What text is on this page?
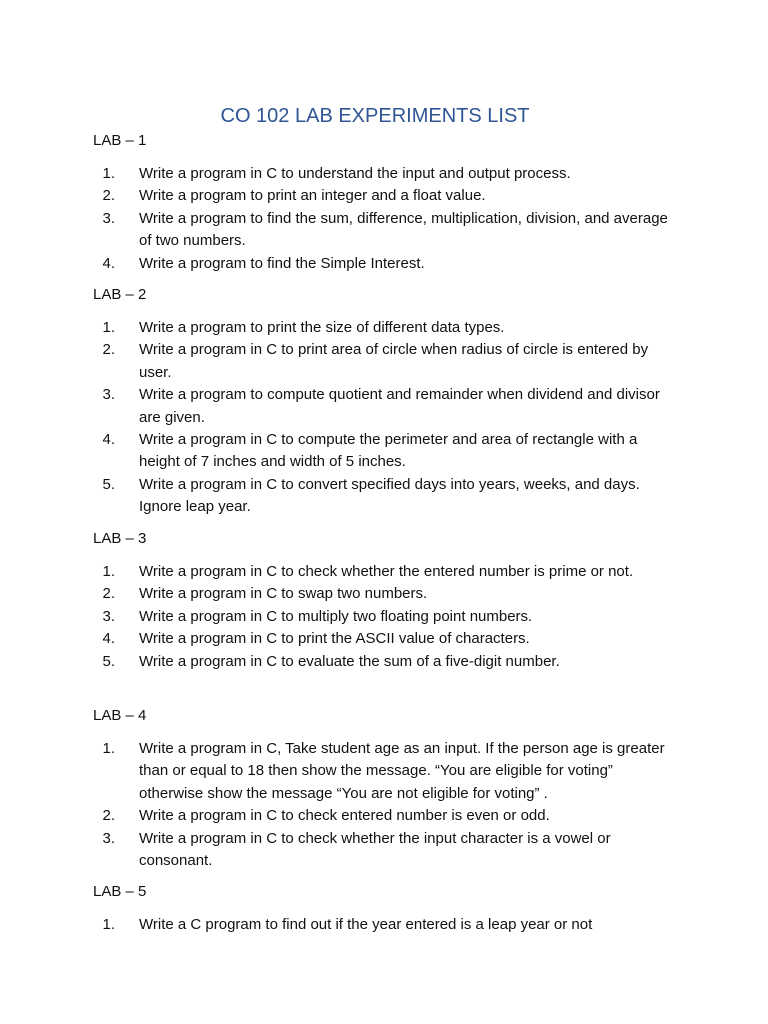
CO 102 LAB EXPERIMENTS LIST
LAB – 1
1. Write a program in C to understand the input and output process.
2. Write a program to print an integer and a float value.
3. Write a program to find the sum, difference, multiplication, division, and average of two numbers.
4. Write a program to find the Simple Interest.
LAB – 2
1. Write a program to print the size of different data types.
2. Write a program in C to print area of circle when radius of circle is entered by user.
3. Write a program to compute quotient and remainder when dividend and divisor are given.
4. Write a program in C to compute the perimeter and area of rectangle with a height of 7 inches and width of 5 inches.
5. Write a program in C to convert specified days into years, weeks, and days. Ignore leap year.
LAB – 3
1. Write a program in C to check whether the entered number is prime or not.
2. Write a program in C to swap two numbers.
3. Write a program in C to multiply two floating point numbers.
4. Write a program in C to print the ASCII value of characters.
5. Write a program in C to evaluate the sum of a five-digit number.
LAB – 4
1. Write a program in C, Take student age as an input. If the person age is greater than or equal to 18 then show the message. “You are eligible for voting” otherwise show the message “You are not eligible for voting” .
2. Write a program in C to check entered number is even or odd.
3. Write a program in C to check whether the input character is a vowel or consonant.
LAB – 5
1. Write a C program to find out if the year entered is a leap year or not
